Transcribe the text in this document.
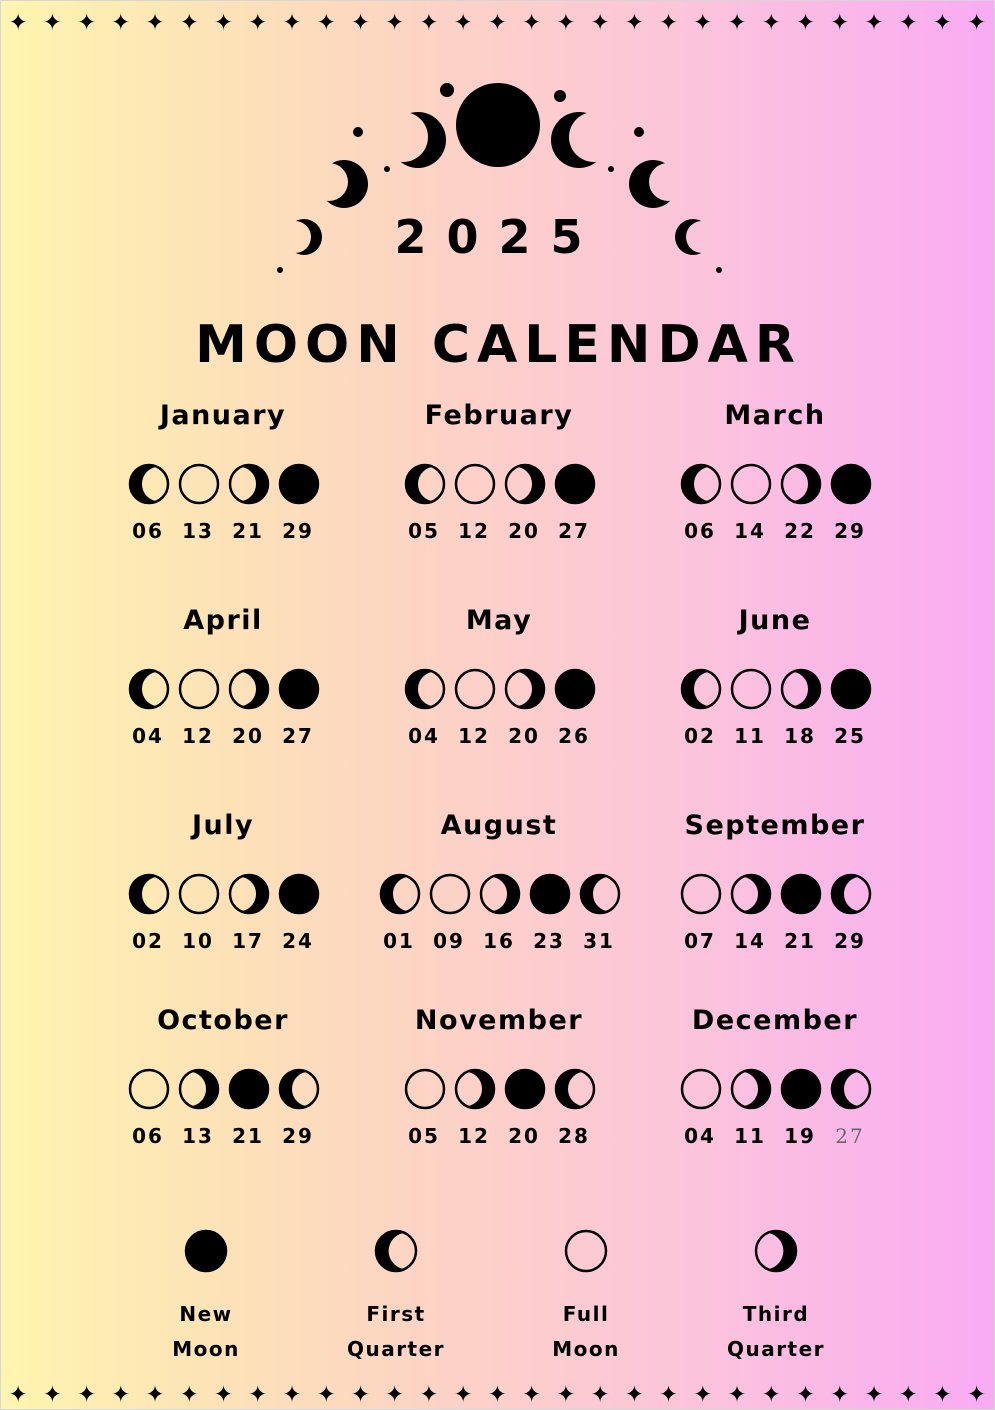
✦ ✦ ✦ ✦ ✦ ✦ ✦ ✦ ✦ ✦ ✦ ✦ ✦ ✦ ✦ ✦ ✦ ✦ ✦ ✦ ✦ ✦ ✦ ✦ ✦ ✦ ✦ ✦ ✦
2025
MOON CALENDAR
January
06 13 21 29
February
05 12 20 27
March
06 14 22 29
April
04 12 20 27
May
04 12 20 26
June
02 11 18 25
July
02 10 17 24
August
01 09 16 23 31
September
07 14 21 29
October
06 13 21 29
November
05 12 20 28
December
04 11 19 27
New
Moon
First
Quarter
Full
Moon
Third
Quarter
✦ ✦ ✦ ✦ ✦ ✦ ✦ ✦ ✦ ✦ ✦ ✦ ✦ ✦ ✦ ✦ ✦ ✦ ✦ ✦ ✦ ✦ ✦ ✦ ✦ ✦ ✦ ✦ ✦
